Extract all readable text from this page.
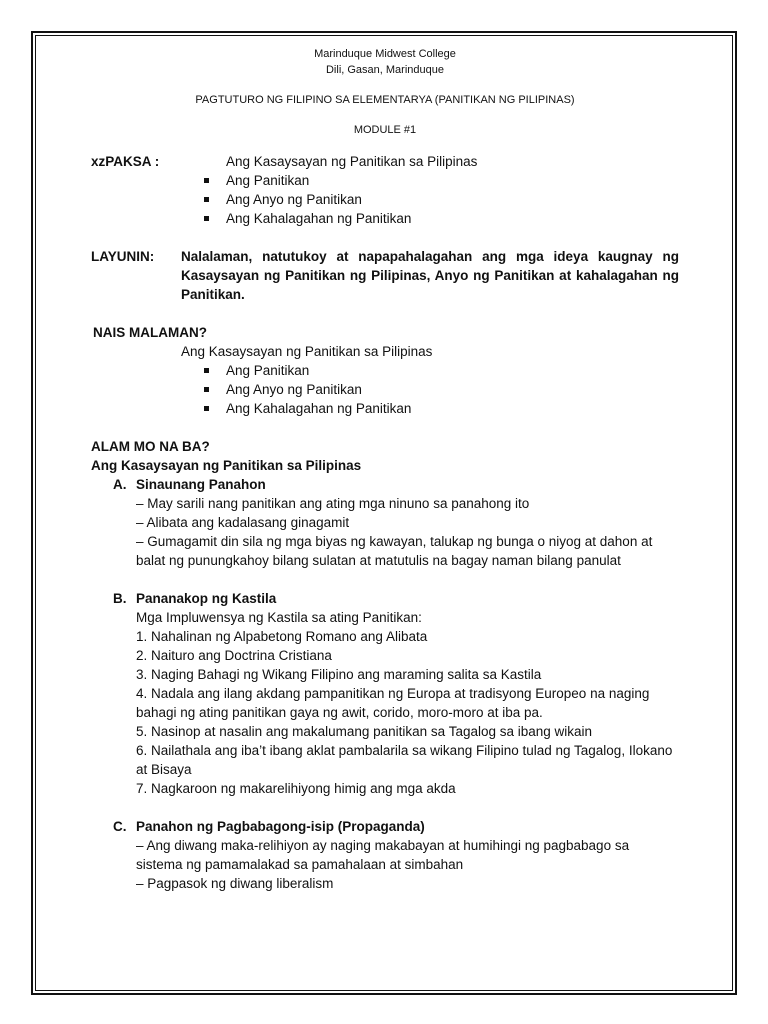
Marinduque Midwest College
Dili, Gasan, Marinduque
PAGTUTURO NG FILIPINO SA ELEMENTARYA (PANITIKAN NG PILIPINAS)
MODULE #1
xzPAKSA :	Ang Kasaysayan ng Panitikan sa Pilipinas
Ang Panitikan
Ang Anyo ng Panitikan
Ang Kahalagahan ng Panitikan
LAYUNIN:	Nalalaman, natutukoy at napapahalagahan ang mga ideya kaugnay ng Kasaysayan ng Panitikan ng Pilipinas, Anyo ng Panitikan at kahalagahan ng Panitikan.
NAIS MALAMAN?
Ang Kasaysayan ng Panitikan sa Pilipinas
Ang Panitikan
Ang Anyo ng Panitikan
Ang Kahalagahan ng Panitikan
ALAM MO NA BA?
Ang Kasaysayan ng Panitikan sa Pilipinas
A. Sinaunang Panahon
– May sarili nang panitikan ang ating mga ninuno sa panahong ito
– Alibata ang kadalasang ginagamit
– Gumagamit din sila ng mga biyas ng kawayan, talukap ng bunga o niyog at dahon at balat ng punungkahoy bilang sulatan at matutulis na bagay naman bilang panulat
B. Pananakop ng Kastila
Mga Impluwensya ng Kastila sa ating Panitikan:
1. Nahalinan ng Alpabetong Romano ang Alibata
2. Naituro ang Doctrina Cristiana
3. Naging Bahagi ng Wikang Filipino ang maraming salita sa Kastila
4. Nadala ang ilang akdang pampanitikan ng Europa at tradisyong Europeo na naging bahagi ng ating panitikan gaya ng awit, corido, moro-moro at iba pa.
5. Nasinop at nasalin ang makalumang panitikan sa Tagalog sa ibang wikain
6. Nailathala ang iba’t ibang aklat pambalarila sa wikang Filipino tulad ng Tagalog, Ilokano at Bisaya
7. Nagkaroon ng makarelihiyong himig ang mga akda
C. Panahon ng Pagbabagong-isip (Propaganda)
– Ang diwang maka-relihiyon ay naging makabayan at humihingi ng pagbabago sa sistema ng pamamalakad sa pamahalaan at simbahan
– Pagpasok ng diwang liberalism
